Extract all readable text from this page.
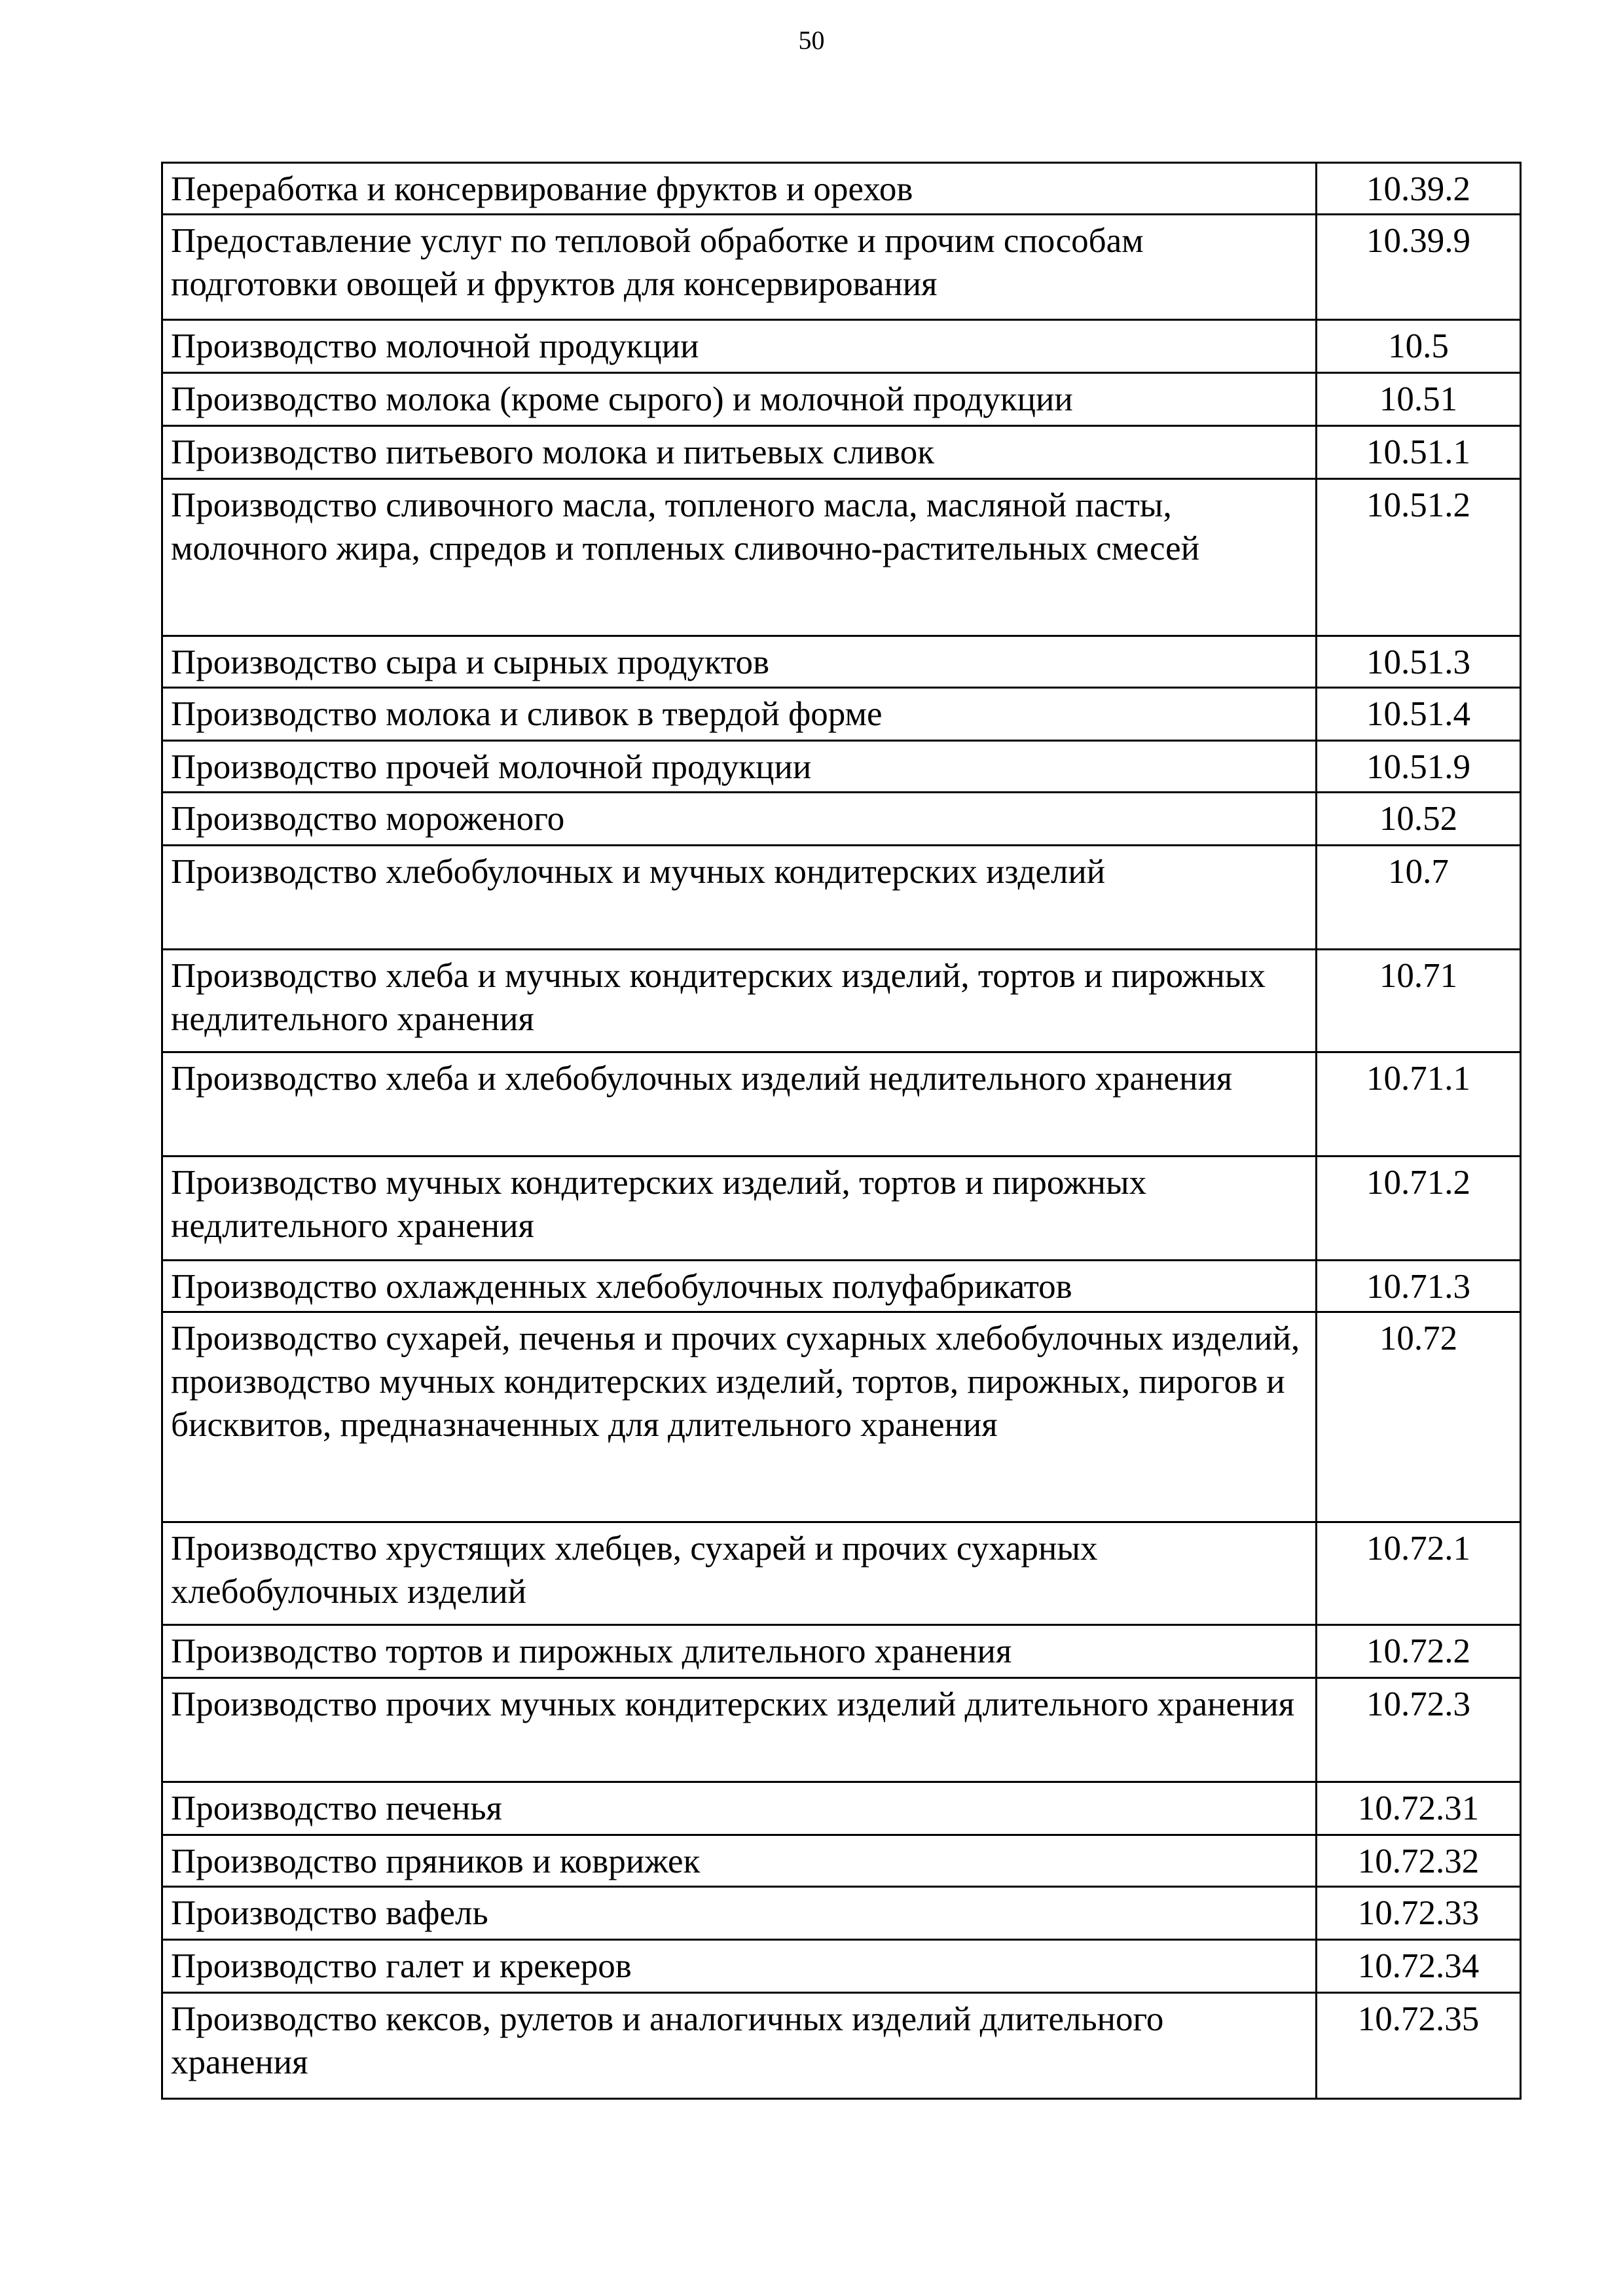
50
Переработка и консервирование фруктов и орехов	10.39.2
Предоставление услуг по тепловой обработке и прочим способам подготовки овощей и фруктов для консервирования	10.39.9
Производство молочной продукции	10.5
Производство молока (кроме сырого) и молочной продукции	10.51
Производство питьевого молока и питьевых сливок	10.51.1
Производство сливочного масла, топленого масла, масляной пасты, молочного жира, спредов и топленых сливочно-растительных смесей	10.51.2
Производство сыра и сырных продуктов	10.51.3
Производство молока и сливок в твердой форме	10.51.4
Производство прочей молочной продукции	10.51.9
Производство мороженого	10.52
Производство хлебобулочных и мучных кондитерских изделий	10.7
Производство хлеба и мучных кондитерских изделий, тортов и пирожных недлительного хранения	10.71
Производство хлеба и хлебобулочных изделий недлительного хранения	10.71.1
Производство мучных кондитерских изделий, тортов и пирожных недлительного хранения	10.71.2
Производство охлажденных хлебобулочных полуфабрикатов	10.71.3
Производство сухарей, печенья и прочих сухарных хлебобулочных изделий, производство мучных кондитерских изделий, тортов, пирожных, пирогов и бисквитов, предназначенных для длительного хранения	10.72
Производство хрустящих хлебцев, сухарей и прочих сухарных хлебобулочных изделий	10.72.1
Производство тортов и пирожных длительного хранения	10.72.2
Производство прочих мучных кондитерских изделий длительного хранения	10.72.3
Производство печенья	10.72.31
Производство пряников и коврижек	10.72.32
Производство вафель	10.72.33
Производство галет и крекеров	10.72.34
Производство кексов, рулетов и аналогичных изделий длительного хранения	10.72.35
